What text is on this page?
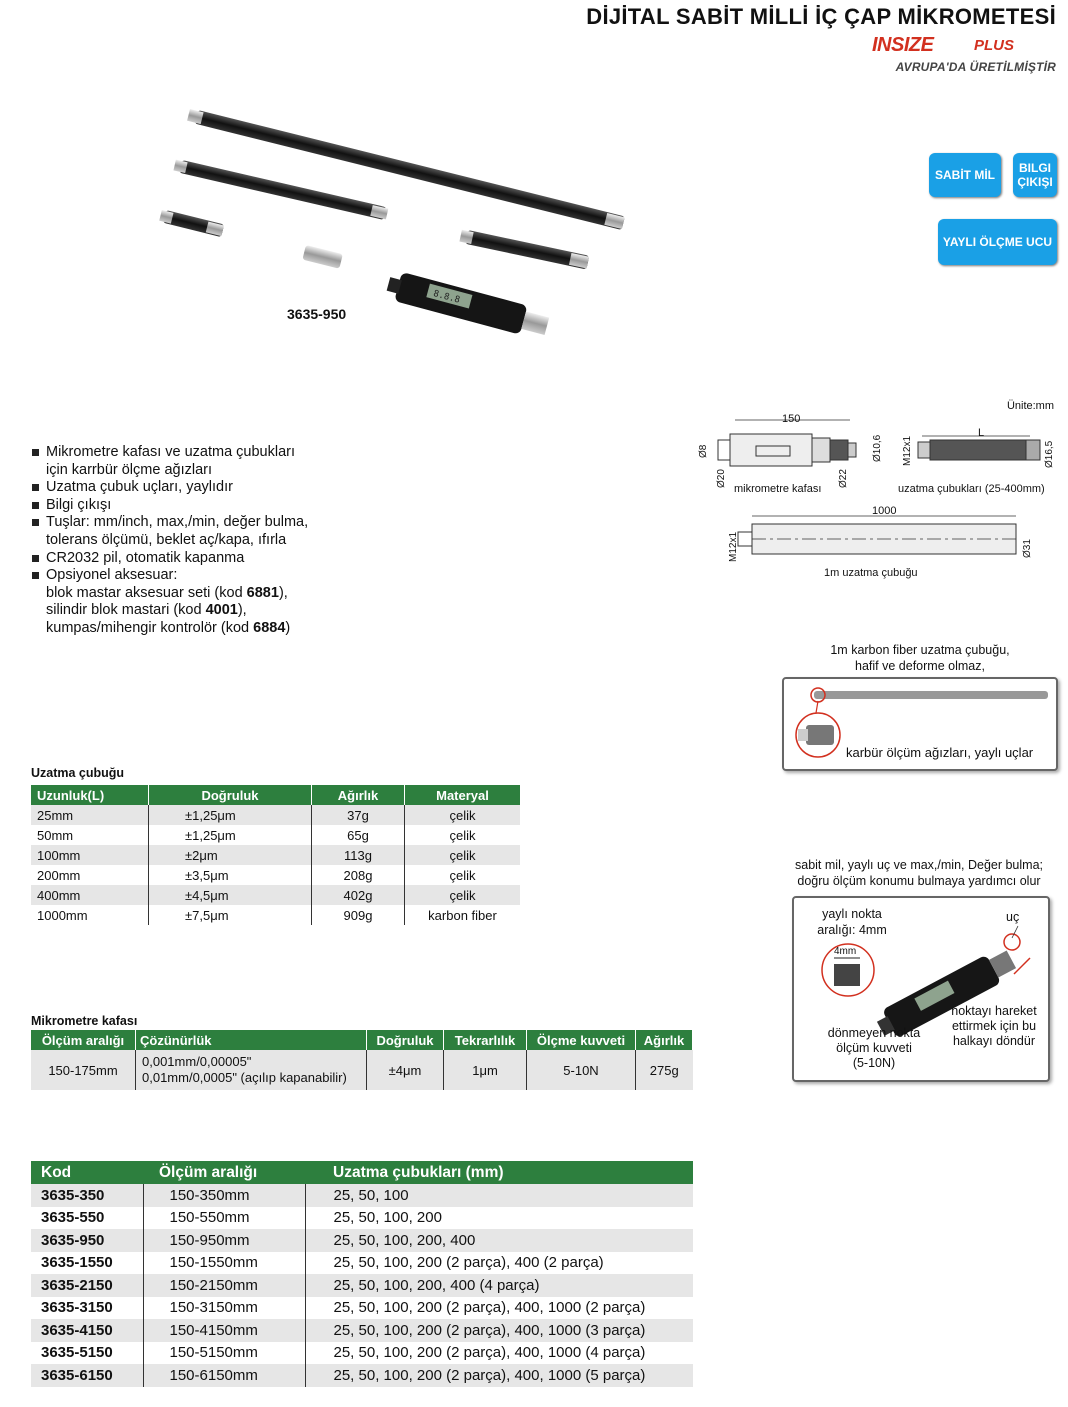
DİJİTAL SABİT MİLLİ İÇ ÇAP MİKROMETESİ
INSIZE	PLUS
AVRUPA'DA ÜRETİLMİŞTİR
SABİT MİL	BILGI
ÇIKIŞI
YAYLI ÖLÇME UCU
8.8.8
3635-950
Mikrometre kafası ve uzatma çubukları
için karrbür ölçme ağızları
Uzatma çubuk uçları, yaylıdır
Bilgi çıkışı
Tuşlar: mm/inch, max,/min, değer bulma,
tolerans ölçümü, beklet aç/kapa, ıfırla
CR2032 pil, otomatik kapanma
Opsiyonel aksesuar:
blok mastar aksesuar seti (kod 6881),
silindir blok mastari (kod 4001),
kumpas/mihengir kontrolör (kod 6884)
Ünite:mm
150
Ø8
Ø20	Ø22
Ø10,6
mikrometre kafası
L
M12x1	Ø16,5
uzatma çubukları (25-400mm)
1000
M12x1	Ø31
1m uzatma çubuğu
1m karbon fiber uzatma çubuğu,
hafif ve deforme olmaz,
karbür ölçüm ağızları, yaylı uçlar
sabit mil, yaylı uç ve max,/min, Değer bulma;
doğru ölçüm konumu bulmaya yardımcı olur
yaylı nokta
aralığı: 4mm
4mm
uç
noktayı hareket
ettirmek için bu
halkayı döndür
dönmeyen nokta
ölçüm kuvveti
(5-10N)
Uzatma çubuğu
Uzunluk(L)	Doğruluk	Ağırlık	Materyal
25mm	±1,25μm	37g	çelik
50mm	±1,25μm	65g	çelik
100mm	±2μm	113g	çelik
200mm	±3,5μm	208g	çelik
400mm	±4,5μm	402g	çelik
1000mm	±7,5μm	909g	karbon fiber
Mikrometre kafası
Ölçüm aralığı	Çözünürlük	Doğruluk	Tekrarlılık	Ölçme kuvveti	Ağırlık
150-175mm	0,001mm/0,00005"
0,01mm/0,0005" (açılıp kapanabilir)	±4μm	1μm	5-10N	275g
Kod	Ölçüm aralığı	Uzatma çubukları (mm)
3635-350	150-350mm	25, 50, 100
3635-550	150-550mm	25, 50, 100, 200
3635-950	150-950mm	25, 50, 100, 200, 400
3635-1550	150-1550mm	25, 50, 100, 200 (2 parça), 400 (2 parça)
3635-2150	150-2150mm	25, 50, 100, 200, 400 (4 parça)
3635-3150	150-3150mm	25, 50, 100, 200 (2 parça), 400, 1000 (2 parça)
3635-4150	150-4150mm	25, 50, 100, 200 (2 parça), 400, 1000 (3 parça)
3635-5150	150-5150mm	25, 50, 100, 200 (2 parça), 400, 1000 (4 parça)
3635-6150	150-6150mm	25, 50, 100, 200 (2 parça), 400, 1000 (5 parça)
